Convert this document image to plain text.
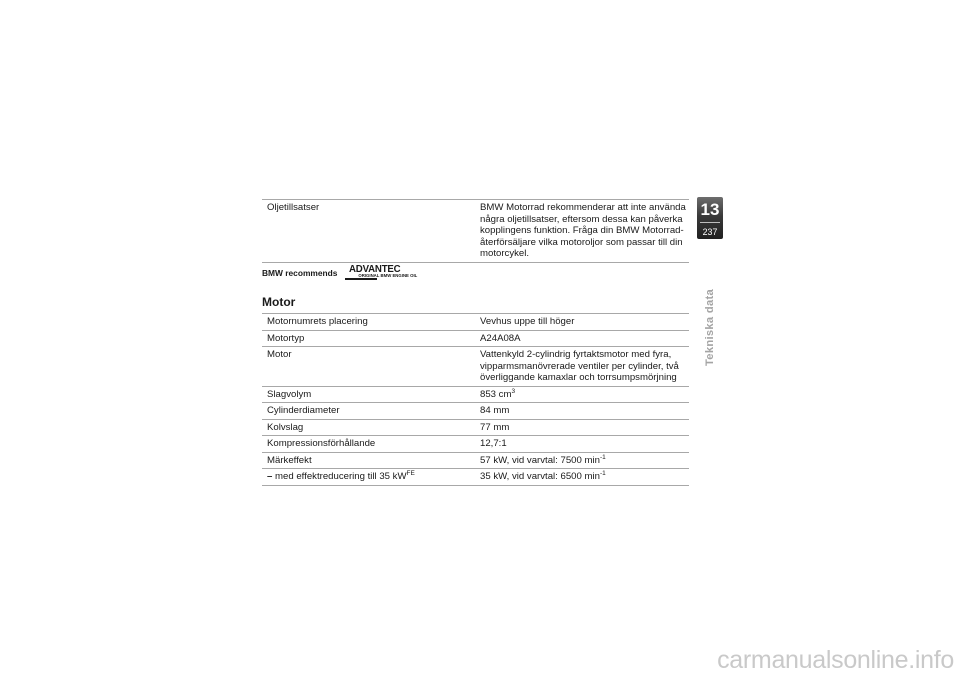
Oljetillsatser	BMW Motorrad rekommenderar att inte använda några oljetillsatser, eftersom dessa kan påverka kopplingens funktion. Fråga din BMW Motorrad-återförsäljare vilka motoroljor som passar till din motorcykel.
BMW recommends ADVANTEC
ORIGINAL BMW ENGINE OIL
Motor
Motornumrets placering	Vevhus uppe till höger
Motortyp	A24A08A
Motor	Vattenkyld 2-cylindrig fyrtaktsmotor med fyra, vipparmsmanövrerade ventiler per cylinder, två överliggande kamaxlar och torrsumpsmörjning
Slagvolym	853 $cm^3$
Cylinderdiameter	84 mm
Kolvslag	77 mm
Kompressionsförhållande	12,7:1
Märkeffekt	57 kW, vid varvtal: 7500 $\min^{-1}$
– med effektreducering till 35 $kW^{FE}$	35 kW, vid varvtal: 6500 $\min^{-1}$
13
237
Tekniska data
carmanualsonline.info
